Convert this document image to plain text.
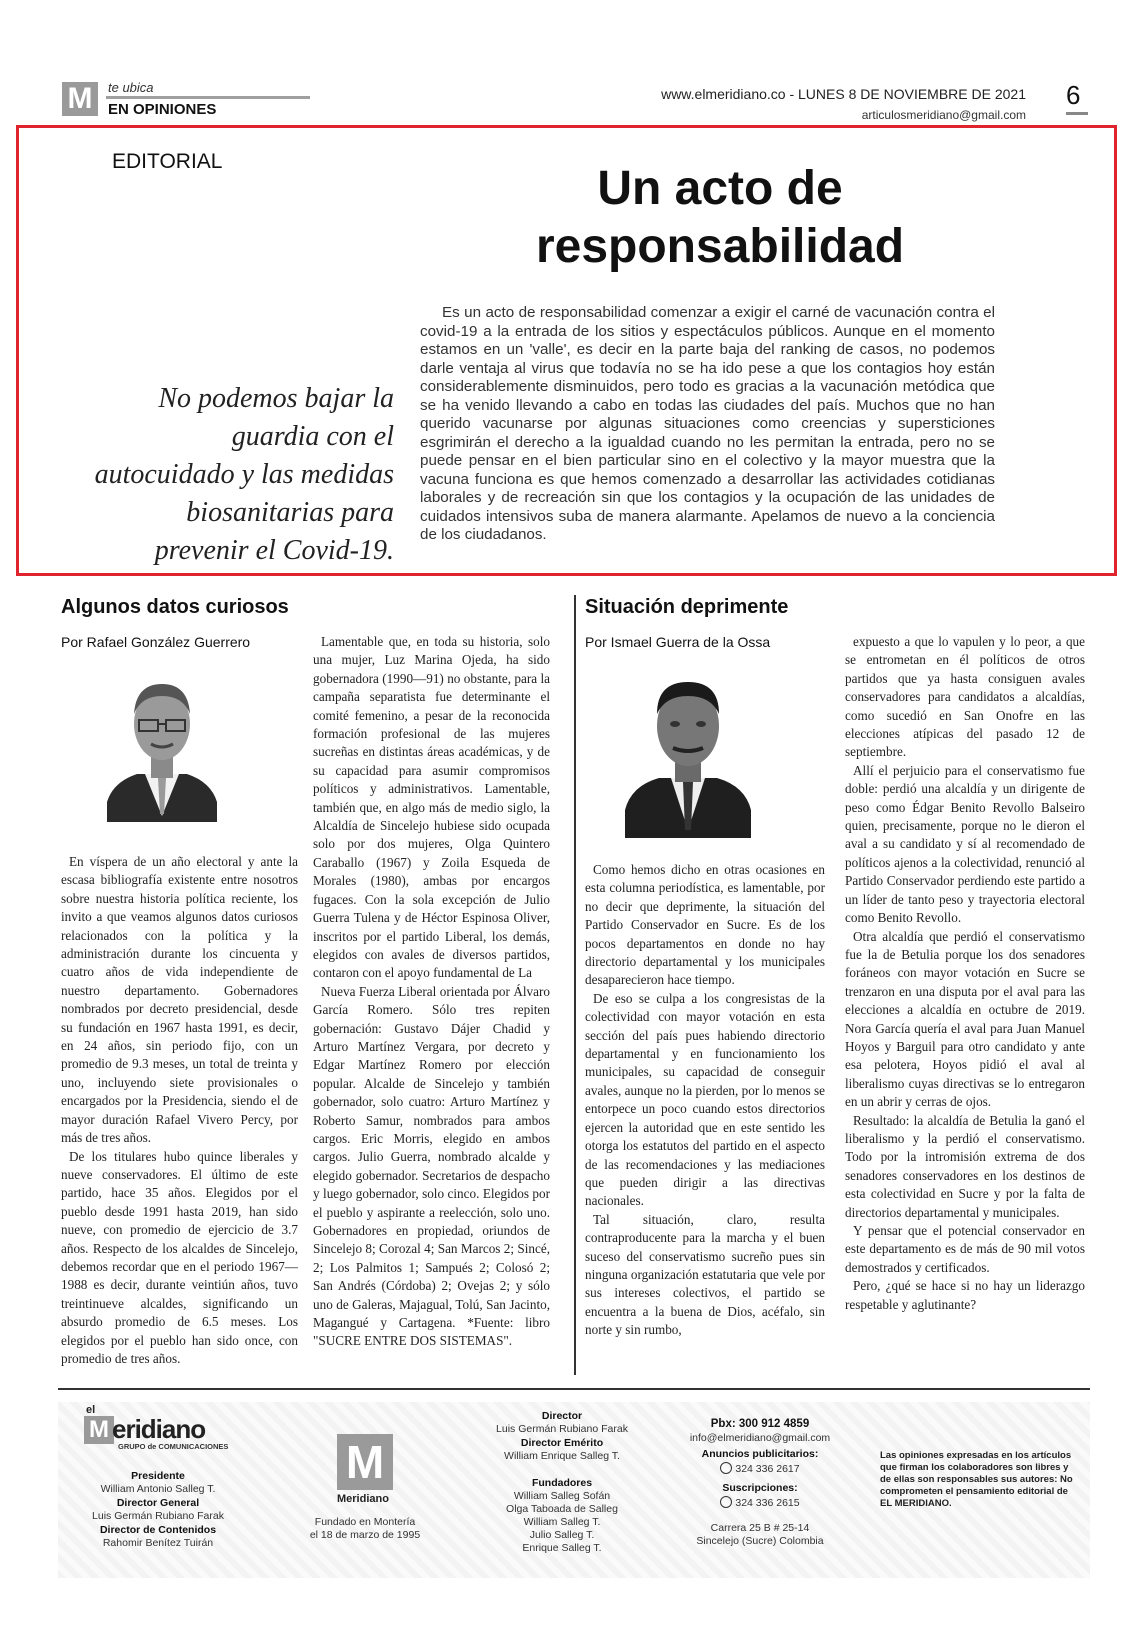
M	te ubica
EN OPINIONES
www.elmeridiano.co - LUNES 8 DE NOVIEMBRE DE 2021
articulosmeridiano@gmail.com
6
EDITORIAL
Un acto de
responsabilidad
No podemos bajar la guardia con el autocuidado y las medidas biosanitarias para prevenir el Covid-19.
Es un acto de responsabilidad comenzar a exigir el carné de vacunación contra el covid-19 a la entrada de los sitios y espectáculos públicos. Aunque en el momento estamos en un 'valle', es decir en la parte baja del ranking de casos, no podemos darle ventaja al virus que todavía no se ha ido pese a que los contagios hoy están considerablemente disminuidos, pero todo es gracias a la vacunación metódica que se ha venido llevando a cabo en todas las ciudades del país. Muchos que no han querido vacunarse por algunas situaciones como creencias y supersticiones esgrimirán el derecho a la igualdad cuando no les permitan la entrada, pero no se puede pensar en el bien particular sino en el colectivo y la mayor muestra que la vacuna funciona es que hemos comenzado a desarrollar las actividades cotidianas laborales y de recreación sin que los contagios y la ocupación de las unidades de cuidados intensivos suba de manera alarmante. Apelamos de nuevo a la conciencia de los ciudadanos.
Algunos datos curiosos
Por Rafael González Guerrero

En víspera de un año electoral y ante la escasa bibliografía existente entre nosotros sobre nuestra historia política reciente, los invito a que veamos algunos datos curiosos relacionados con la política y la administración durante los cincuenta y cuatro años de vida independiente de nuestro departamento. Gobernadores nombrados por decreto presidencial, desde su fundación en 1967 hasta 1991, es decir, en 24 años, sin periodo fijo, con un promedio de 9.3 meses, un total de treinta y uno, incluyendo siete provisionales o encargados por la Presidencia, siendo el de mayor duración Rafael Vivero Percy, por más de tres años.

De los titulares hubo quince liberales y nueve conservadores. El último de este partido, hace 35 años. Elegidos por el pueblo desde 1991 hasta 2019, han sido nueve, con promedio de ejercicio de 3.7 años. Respecto de los alcaldes de Sincelejo, debemos recordar que en el periodo 1967—1988 es decir, durante veintiún años, tuvo treintinueve alcaldes, significando un absurdo promedio de 6.5 meses. Los elegidos por el pueblo han sido once, con promedio de tres años.

Lamentable que, en toda su historia, solo una mujer, Luz Marina Ojeda, ha sido gobernadora (1990—91) no obstante, para la campaña separatista fue determinante el comité femenino, a pesar de la reconocida formación profesional de las mujeres sucreñas en distintas áreas académicas, y de su capacidad para asumir compromisos políticos y administrativos. Lamentable, también que, en algo más de medio siglo, la Alcaldía de Sincelejo hubiese sido ocupada solo por dos mujeres, Olga Quintero Caraballo (1967) y Zoila Esqueda de Morales (1980), ambas por encargos fugaces. Con la sola excepción de Julio Guerra Tulena y de Héctor Espinosa Oliver, inscritos por el partido Liberal, los demás, elegidos con avales de diversos partidos, contaron con el apoyo fundamental de La

Nueva Fuerza Liberal orientada por Álvaro García Romero. Sólo tres repiten gobernación: Gustavo Dájer Chadid y Arturo Martínez Vergara, por decreto y Edgar Martínez Romero por elección popular. Alcalde de Sincelejo y también gobernador, solo cuatro: Arturo Martínez y Roberto Samur, nombrados para ambos cargos. Eric Morris, elegido en ambos cargos. Julio Guerra, nombrado alcalde y elegido gobernador. Secretarios de despacho y luego gobernador, solo cinco. Elegidos por el pueblo y aspirante a reelección, solo uno. Gobernadores en propiedad, oriundos de Sincelejo 8; Corozal 4; San Marcos 2; Sincé, 2; Los Palmitos 1; Sampués 2; Colosó 2; San Andrés (Córdoba) 2; Ovejas 2; y sólo uno de Galeras, Majagual, Tolú, San Jacinto, Magangué y Cartagena. *Fuente: libro "SUCRE ENTRE DOS SISTEMAS".

Situación deprimente
Por Ismael Guerra de la Ossa

Como hemos dicho en otras ocasiones en esta columna periodística, es lamentable, por no decir que deprimente, la situación del Partido Conservador en Sucre. Es de los pocos departamentos en donde no hay directorio departamental y los municipales desaparecieron hace tiempo.

De eso se culpa a los congresistas de la colectividad con mayor votación en esta sección del país pues habiendo directorio departamental y en funcionamiento los municipales, su capacidad de conseguir avales, aunque no la pierden, por lo menos se entorpece un poco cuando estos directorios ejercen la autoridad que en este sentido les otorga los estatutos del partido en el aspecto de las recomendaciones y las mediaciones que pueden dirigir a las directivas nacionales.

Tal situación, claro, resulta contraproducente para la marcha y el buen suceso del conservatismo sucreño pues sin ninguna organización estatutaria que vele por sus intereses colectivos, el partido se encuentra a la buena de Dios, acéfalo, sin norte y sin rumbo,

expuesto a que lo vapulen y lo peor, a que se entrometan en él políticos de otros partidos que ya hasta consiguen avales conservadores para candidatos a alcaldías, como sucedió en San Onofre en las elecciones atípicas del pasado 12 de septiembre.

Allí el perjuicio para el conservatismo fue doble: perdió una alcaldía y un dirigente de peso como Édgar Benito Revollo Balseiro quien, precisamente, porque no le dieron el aval a su candidato y sí al recomendado de políticos ajenos a la colectividad, renunció al Partido Conservador perdiendo este partido a un líder de tanto peso y trayectoria electoral como Benito Revollo.

Otra alcaldía que perdió el conservatismo fue la de Betulia porque los dos senadores foráneos con mayor votación en Sucre se trenzaron en una disputa por el aval para las elecciones a alcaldía en octubre de 2019. Nora García quería el aval para Juan Manuel Hoyos y Barguil para otro candidato y ante esa pelotera, Hoyos pidió el aval al liberalismo cuyas directivas se lo entregaron en un abrir y cerras de ojos.

Resultado: la alcaldía de Betulia la ganó el liberalismo y la perdió el conservatismo. Todo por la intromisión extrema de dos senadores conservadores en los destinos de esta colectividad en Sucre y por la falta de directorios departamental y municipales.

Y pensar que el potencial conservador en este departamento es de más de 90 mil votos demostrados y certificados.

Pero, ¿qué se hace si no hay un liderazgo respetable y aglutinante?

el
M eridiano
GRUPO de COMUNICACIONES
Presidente
William Antonio Salleg T.
Director General
Luis Germán Rubiano Farak
Director de Contenidos
Rahomir Benítez Tuirán
M
Meridiano
Fundado en Montería
el 18 de marzo de 1995
Director
Luis Germán Rubiano Farak
Director Emérito
William Enrique Salleg T.
Fundadores
William Salleg Sofán
Olga Taboada de Salleg
William Salleg T.
Julio Salleg T.
Enrique Salleg T.
Pbx: 300 912 4859
info@elmeridiano@gmail.com
Anuncios publicitarios:
324 336 2617
Suscripciones:
324 336 2615
Carrera 25 B # 25-14
Sincelejo (Sucre) Colombia
Las opiniones expresadas en los artículos que firman los colaboradores son libres y de ellas son responsables sus autores: No comprometen el pensamiento editorial de EL MERIDIANO.
